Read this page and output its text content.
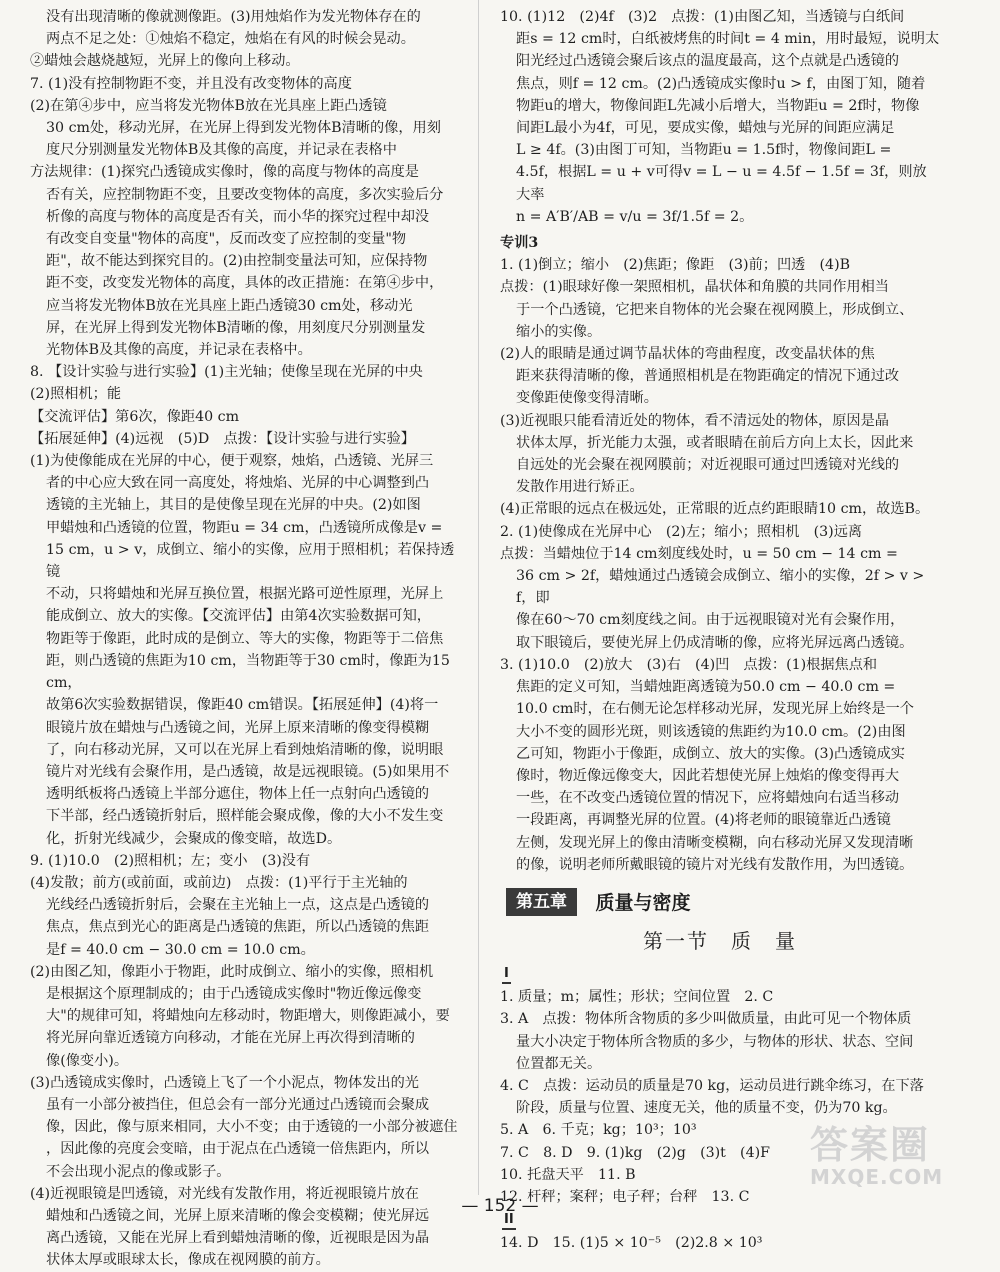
没有出现清晰的像就测像距。(3)用烛焰作为发光物体存在的
两点不足之处：①烛焰不稳定，烛焰在有风的时候会晃动。
②蜡烛会越烧越短，光屏上的像向上移动。
7. (1)没有控制物距不变，并且没有改变物体的高度
(2)在第④步中，应当将发光物体B放在光具座上距凸透镜
30 cm处，移动光屏，在光屏上得到发光物体B清晰的像，用刻
度尺分别测量发光物体B及其像的高度，并记录在表格中
方法规律：(1)探究凸透镜成实像时，像的高度与物体的高度是
否有关，应控制物距不变，且要改变物体的高度，多次实验后分
析像的高度与物体的高度是否有关，而小华的探究过程中却没
有改变自变量"物体的高度"，反而改变了应控制的变量"物
距"，故不能达到探究目的。(2)由控制变量法可知，应保持物
距不变，改变发光物体的高度，具体的改正措施：在第④步中，
应当将发光物体B放在光具座上距凸透镜30 cm处，移动光
屏，在光屏上得到发光物体B清晰的像，用刻度尺分别测量发
光物体B及其像的高度，并记录在表格中。
8. 【设计实验与进行实验】(1)主光轴；使像呈现在光屏的中央
(2)照相机；能
【交流评估】第6次，像距40 cm
【拓展延伸】(4)远视　(5)D　点拨：【设计实验与进行实验】
(1)为使像能成在光屏的中心，便于观察，烛焰，凸透镜、光屏三
者的中心应大致在同一高度处，将烛焰、光屏的中心调整到凸
透镜的主光轴上，其目的是使像呈现在光屏的中央。(2)如图
甲蜡烛和凸透镜的位置，物距u = 34 cm，凸透镜所成像是v =
15 cm，u > v，成倒立、缩小的实像，应用于照相机；若保持透镜
不动，只将蜡烛和光屏互换位置，根据光路可逆性原理，光屏上
能成倒立、放大的实像。【交流评估】由第4次实验数据可知，
物距等于像距，此时成的是倒立、等大的实像，物距等于二倍焦
距，则凸透镜的焦距为10 cm，当物距等于30 cm时，像距为15 cm，
故第6次实验数据错误，像距40 cm错误。【拓展延伸】(4)将一
眼镜片放在蜡烛与凸透镜之间，光屏上原来清晰的像变得模糊
了，向右移动光屏，又可以在光屏上看到烛焰清晰的像，说明眼
镜片对光线有会聚作用，是凸透镜，故是远视眼镜。(5)如果用不
透明纸板将凸透镜上半部分遮住，物体上任一点射向凸透镜的
下半部，经凸透镜折射后，照样能会聚成像，像的大小不发生变
化，折射光线减少，会聚成的像变暗，故选D。
9. (1)10.0　(2)照相机；左；变小　(3)没有
(4)发散；前方(或前面，或前边)　点拨：(1)平行于主光轴的
光线经凸透镜折射后，会聚在主光轴上一点，这点是凸透镜的
焦点，焦点到光心的距离是凸透镜的焦距，所以凸透镜的焦距
是f = 40.0 cm − 30.0 cm = 10.0 cm。
(2)由图乙知，像距小于物距，此时成倒立、缩小的实像，照相机
是根据这个原理制成的；由于凸透镜成实像时"物近像远像变
大"的规律可知，将蜡烛向左移动时，物距增大，则像距减小，要
将光屏向靠近透镜方向移动，才能在光屏上再次得到清晰的
像(像变小)。
(3)凸透镜成实像时，凸透镜上飞了一个小泥点，物体发出的光
虽有一小部分被挡住，但总会有一部分光通过凸透镜而会聚成
像，因此，像与原来相同，大小不变；由于透镜的一小部分被遮住
，因此像的亮度会变暗，由于泥点在凸透镜一倍焦距内，所以
不会出现小泥点的像或影子。
(4)近视眼镜是凹透镜，对光线有发散作用，将近视眼镜片放在
蜡烛和凸透镜之间，光屏上原来清晰的像会变模糊；使光屏远
离凸透镜，又能在光屏上看到蜡烛清晰的像，近视眼是因为晶
状体太厚或眼球太长，像成在视网膜的前方。
10. (1)12　(2)4f　(3)2　点拨：(1)由图乙知，当透镜与白纸间
距s = 12 cm时，白纸被烤焦的时间t = 4 min，用时最短，说明太
阳光经过凸透镜会聚后该点的温度最高，这个点就是凸透镜的
焦点，则f = 12 cm。(2)凸透镜成实像时u > f，由图丁知，随着
物距u的增大，物像间距L先减小后增大，当物距u = 2f时，物像
间距L最小为4f，可见，要成实像，蜡烛与光屏的间距应满足
L ≥ 4f。(3)由图丁可知，当物距u = 1.5f时，物像间距L =
4.5f，根据L = u + v可得v = L − u = 4.5f − 1.5f = 3f，则放大率
n = A′B′/AB = v/u = 3f/1.5f = 2。
专训3
1. (1)倒立；缩小　(2)焦距；像距　(3)前；凹透　(4)B
点拨：(1)眼球好像一架照相机，晶状体和角膜的共同作用相当
于一个凸透镜，它把来自物体的光会聚在视网膜上，形成倒立、
缩小的实像。
(2)人的眼睛是通过调节晶状体的弯曲程度，改变晶状体的焦
距来获得清晰的像，普通照相机是在物距确定的情况下通过改
变像距使像变得清晰。
(3)近视眼只能看清近处的物体，看不清远处的物体，原因是晶
状体太厚，折光能力太强，或者眼睛在前后方向上太长，因此来
自远处的光会聚在视网膜前；对近视眼可通过凹透镜对光线的
发散作用进行矫正。
(4)正常眼的远点在极远处，正常眼的近点约距眼睛10 cm，故选B。
2. (1)使像成在光屏中心　(2)左；缩小；照相机　(3)远离
点拨：当蜡烛位于14 cm刻度线处时，u = 50 cm − 14 cm =
36 cm > 2f，蜡烛通过凸透镜会成倒立、缩小的实像，2f > v > f，即
像在60～70 cm刻度线之间。由于远视眼镜对光有会聚作用，
取下眼镜后，要使光屏上仍成清晰的像，应将光屏远离凸透镜。
3. (1)10.0　(2)放大　(3)右　(4)凹　点拨：(1)根据焦点和
焦距的定义可知，当蜡烛距离透镜为50.0 cm − 40.0 cm =
10.0 cm时，在右侧无论怎样移动光屏，发现光屏上始终是一个
大小不变的圆形光斑，则该透镜的焦距约为10.0 cm。(2)由图
乙可知，物距小于像距，成倒立、放大的实像。(3)凸透镜成实
像时，物近像远像变大，因此若想使光屏上烛焰的像变得再大
一些，在不改变凸透镜位置的情况下，应将蜡烛向右适当移动
一段距离，再调整光屏的位置。(4)将老师的眼镜靠近凸透镜
左侧，发现光屏上的像由清晰变模糊，向右移动光屏又发现清晰
的像，说明老师所戴眼镜的镜片对光线有发散作用，为凹透镜。
第五章 质量与密度
第一节　质　量
I
1. 质量；m；属性；形状；空间位置　2. C
3. A　点拨：物体所含物质的多少叫做质量，由此可见一个物体质
量大小决定于物体所含物质的多少，与物体的形状、状态、空间
位置都无关。
4. C　点拨：运动员的质量是70 kg，运动员进行跳伞练习，在下落
阶段，质量与位置、速度无关，他的质量不变，仍为70 kg。
5. A　6. 千克；kg；10³；10³
7. C　8. D　9. (1)kg　(2)g　(3)t　(4)F
10. 托盘天平　11. B
12. 杆秤；案秤；电子秤；台秤　13. C
II
14. D　15. (1)5 × 10⁻⁵　(2)2.8 × 10³
答案圈
MXQE.COM
— 152 —
